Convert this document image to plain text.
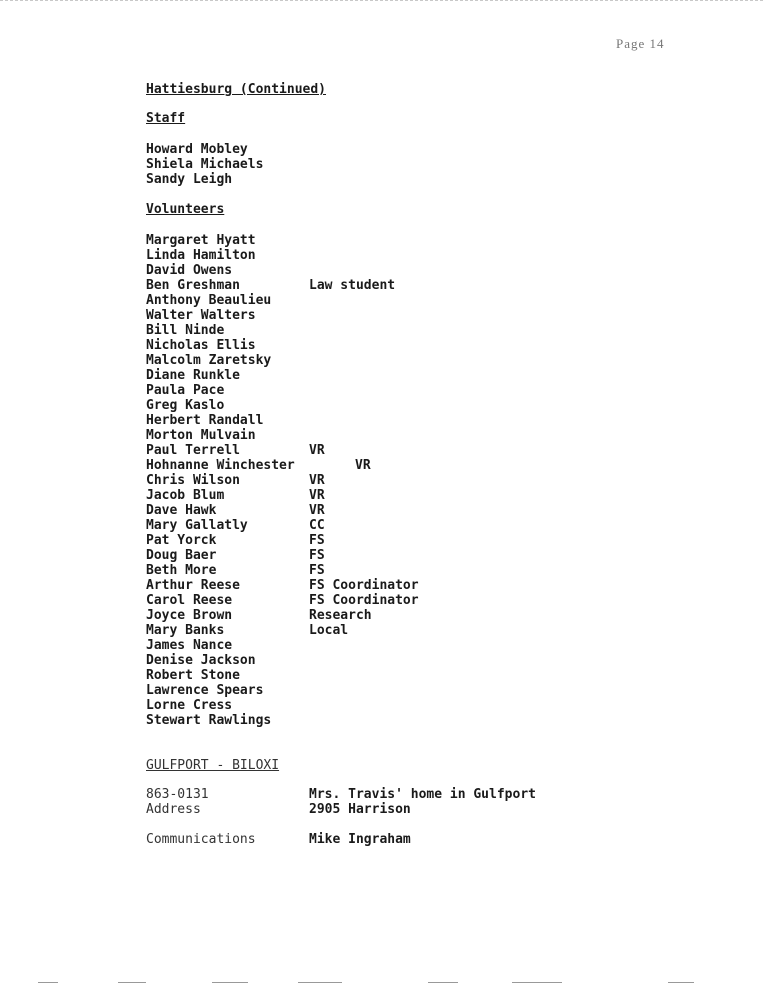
Page 14
Hattiesburg (Continued)
Staff
Howard Mobley
Shiela Michaels
Sandy Leigh
Volunteers
Margaret Hyatt
Linda Hamilton
David Owens
Ben Greshman	Law student
Anthony Beaulieu
Walter Walters
Bill Ninde
Nicholas Ellis
Malcolm Zaretsky
Diane Runkle
Paula Pace
Greg Kaslo
Herbert Randall
Morton Mulvain
Paul Terrell	VR
Hohnanne Winchester	VR
Chris Wilson	VR
Jacob Blum	VR
Dave Hawk	VR
Mary Gallatly	CC
Pat Yorck	FS
Doug Baer	FS
Beth More	FS
Arthur Reese	FS Coordinator
Carol Reese	FS Coordinator
Joyce Brown	Research
Mary Banks	Local
James Nance
Denise Jackson
Robert Stone
Lawrence Spears
Lorne Cress
Stewart Rawlings
GULFPORT - BILOXI
863-0131	Mrs. Travis' home in Gulfport
Address	2905 Harrison
Communications	Mike Ingraham
